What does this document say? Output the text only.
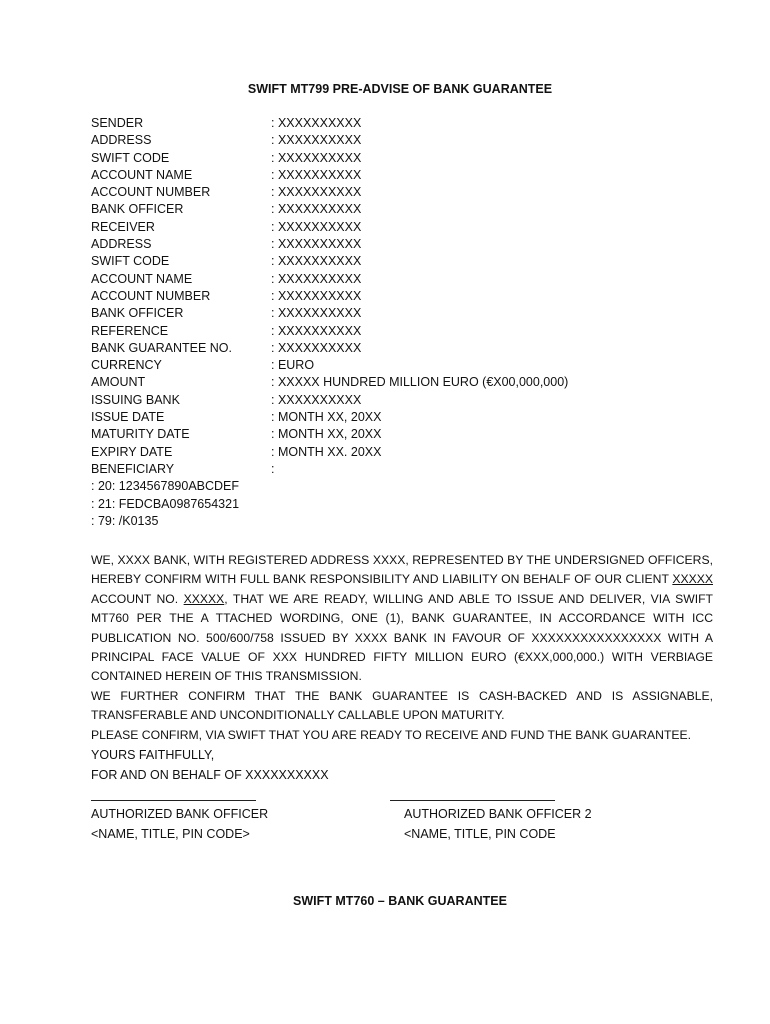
SWIFT MT799 PRE-ADVISE OF BANK GUARANTEE
SENDER	: XXXXXXXXXX
ADDRESS	: XXXXXXXXXX
SWIFT CODE	: XXXXXXXXXX
ACCOUNT NAME	: XXXXXXXXXX
ACCOUNT NUMBER	: XXXXXXXXXX
BANK OFFICER	: XXXXXXXXXX
RECEIVER	: XXXXXXXXXX
ADDRESS	: XXXXXXXXXX
SWIFT CODE	: XXXXXXXXXX
ACCOUNT NAME	: XXXXXXXXXX
ACCOUNT NUMBER	: XXXXXXXXXX
BANK OFFICER	: XXXXXXXXXX
REFERENCE	: XXXXXXXXXX
BANK GUARANTEE NO.	: XXXXXXXXXX
CURRENCY	: EURO
AMOUNT	: XXXXX HUNDRED MILLION EURO (€X00,000,000)
ISSUING BANK	: XXXXXXXXXX
ISSUE DATE	: MONTH XX, 20XX
MATURITY DATE	: MONTH XX, 20XX
EXPIRY DATE	: MONTH XX. 20XX
BENEFICIARY	:
: 20: 1234567890ABCDEF
: 21: FEDCBA0987654321
: 79: /K0135

WE, XXXX BANK, WITH REGISTERED ADDRESS XXXX, REPRESENTED BY THE UNDERSIGNED OFFICERS, HEREBY CONFIRM WITH FULL BANK RESPONSIBILITY AND LIABILITY ON BEHALF OF OUR CLIENT XXXXX ACCOUNT NO. XXXXX, THAT WE ARE READY, WILLING AND ABLE TO ISSUE AND DELIVER, VIA SWIFT MT760 PER THE A TTACHED WORDING, ONE (1), BANK GUARANTEE, IN ACCORDANCE WITH ICC PUBLICATION NO. 500/600/758 ISSUED BY XXXX BANK IN FAVOUR OF XXXXXXXXXXXXXXXX WITH A PRINCIPAL FACE VALUE OF XXX HUNDRED FIFTY MILLION EURO (€XXX,000,000.) WITH VERBIAGE CONTAINED HEREIN OF THIS TRANSMISSION.

WE FURTHER CONFIRM THAT THE BANK GUARANTEE IS CASH-BACKED AND IS ASSIGNABLE, TRANSFERABLE AND UNCONDITIONALLY CALLABLE UPON MATURITY.

PLEASE CONFIRM, VIA SWIFT THAT YOU ARE READY TO RECEIVE AND FUND THE BANK GUARANTEE.

YOURS FAITHFULLY,
FOR AND ON BEHALF OF XXXXXXXXXX
AUTHORIZED BANK OFFICER
<NAME, TITLE, PIN CODE>
AUTHORIZED BANK OFFICER 2
<NAME, TITLE, PIN CODE
SWIFT MT760 – BANK GUARANTEE
